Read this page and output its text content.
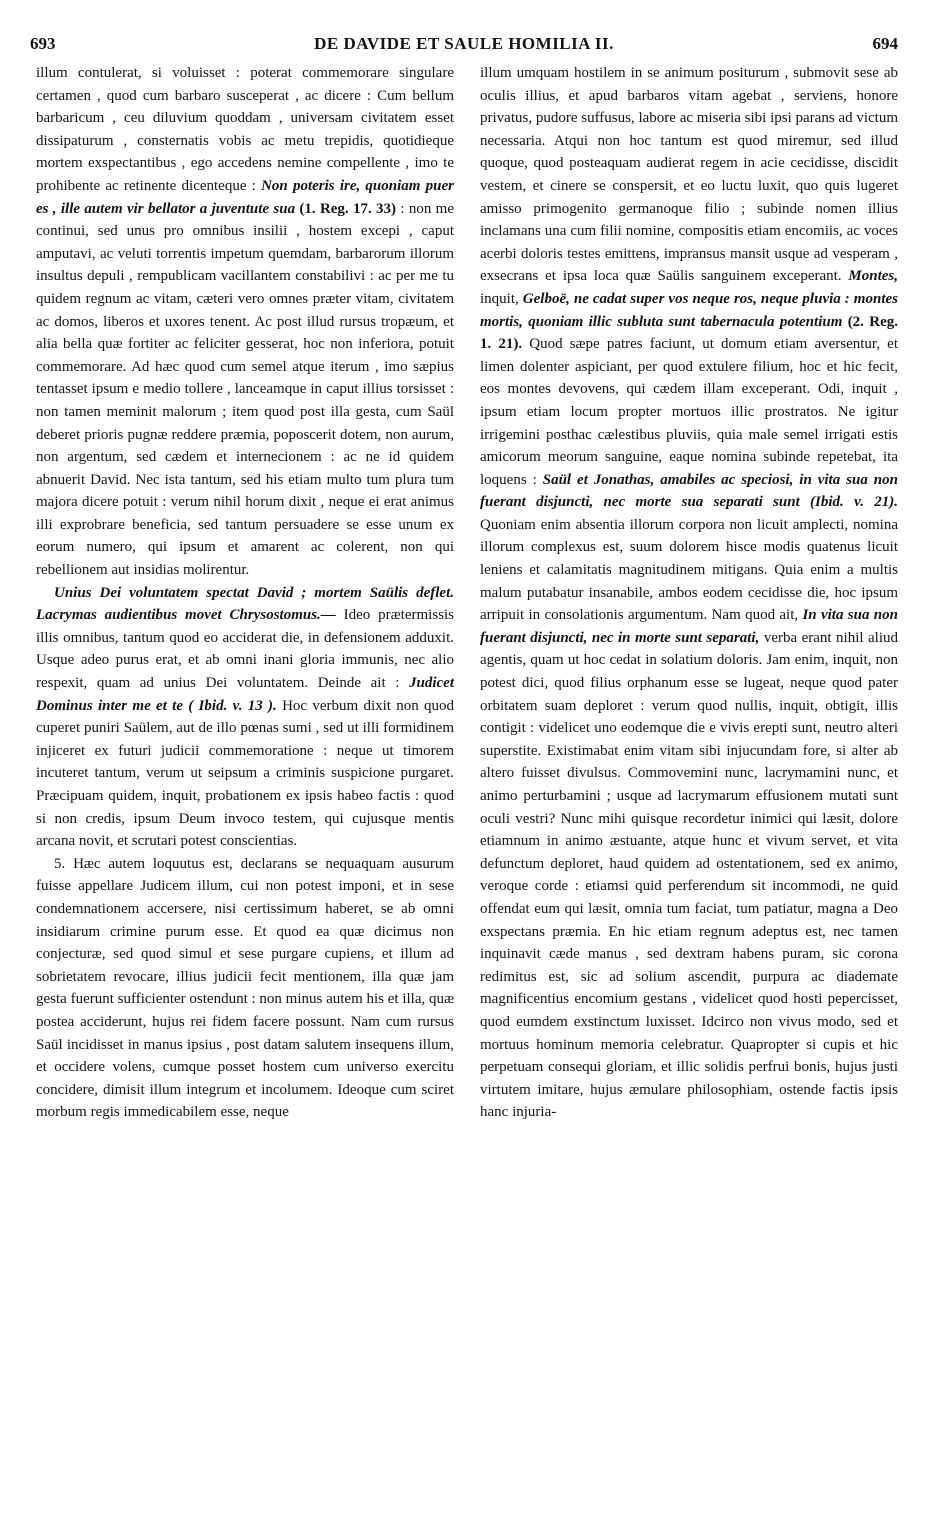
693	DE DAVIDE ET SAULE HOMILIA II.	694

illum contulerat, si voluisset : poterat commemorare singulare certamen , quod cum barbaro susceperat , ac dicere : Cum bellum barbaricum , ceu diluvium quoddam , universam civitatem esset dissipaturum , consternatis vobis ac metu trepidis, quotidieque mortem exspectantibus , ego accedens nemine compellente , imo te prohibente ac retinente dicenteque : Non poteris ire, quoniam puer es , ille autem vir bellator a juventute sua (1. Reg. 17. 33) : non me continui, sed unus pro omnibus insilii , hostem excepi , caput amputavi, ac veluti torrentis impetum quemdam, barbarorum illorum insultus depuli , rempublicam vacillantem constabilivi : ac per me tu quidem regnum ac vitam, cæteri vero omnes præter vitam, civitatem ac domos, liberos et uxores tenent. Ac post illud rursus tropæum, et alia bella quæ fortiter ac feliciter gesserat, hoc non inferiora, potuit commemorare. Ad hæc quod cum semel atque iterum , imo sæpius tentasset ipsum e medio tollere , lanceamque in caput illius torsisset : non tamen meminit malorum ; item quod post illa gesta, cum Saül deberet prioris pugnæ reddere præmia, poposcerit dotem, non aurum, non argentum, sed cædem et internecionem : ac ne id quidem abnuerit David. Nec ista tantum, sed his etiam multo tum plura tum majora dicere potuit : verum nihil horum dixit , neque ei erat animus illi exprobrare beneficia, sed tantum persuadere se esse unum ex eorum numero, qui ipsum et amarent ac colerent, non qui rebellionem aut insidias molirentur.

Unius Dei voluntatem spectat David ; mortem Saülis deflet. Lacrymas audientibus movet Chrysostomus.— Ideo prætermissis illis omnibus, tantum quod eo acciderat die, in defensionem adduxit. Usque adeo purus erat, et ab omni inani gloria immunis, nec alio respexit, quam ad unius Dei voluntatem. Deinde ait : Judicet Dominus inter me et te ( Ibid. v. 13 ). Hoc verbum dixit non quod cuperet puniri Saülem, aut de illo pœnas sumi , sed ut illi formidinem injiceret ex futuri judicii commemoratione : neque ut timorem incuteret tantum, verum ut seipsum a criminis suspicione purgaret. Præcipuam quidem, inquit, probationem ex ipsis habeo factis : quod si non credis, ipsum Deum invoco testem, qui cujusque mentis arcana novit, et scrutari potest conscientias.

5. Hæc autem loquutus est, declarans se nequaquam ausurum fuisse appellare Judicem illum, cui non potest imponi, et in sese condemnationem accersere, nisi certissimum haberet, se ab omni insidiarum crimine purum esse. Et quod ea quæ dicimus non conjecturæ, sed quod simul et sese purgare cupiens, et illum ad sobrietatem revocare, illius judicii fecit mentionem, illa quæ jam gesta fuerunt sufficienter ostendunt : non minus autem his et illa, quæ postea acciderunt, hujus rei fidem facere possunt. Nam cum rursus Saül incidisset in manus ipsius , post datam salutem insequens illum, et occidere volens, cumque posset hostem cum universo exercitu concidere, dimisit illum integrum et incolumem. Ideoque cum sciret morbum regis immedicabilem esse, neque

illum umquam hostilem in se animum positurum , submovit sese ab oculis illius, et apud barbaros vitam agebat , serviens, honore privatus, pudore suffusus, labore ac miseria sibi ipsi parans ad victum necessaria. Atqui non hoc tantum est quod miremur, sed illud quoque, quod posteaquam audierat regem in acie cecidisse, discidit vestem, et cinere se conspersit, et eo luctu luxit, quo quis lugeret amisso primogenito germanoque filio ; subinde nomen illius inclamans una cum filii nomine, compositis etiam encomiis, ac voces acerbi doloris testes emittens, impransus mansit usque ad vesperam , exsecrans et ipsa loca quæ Saülis sanguinem exceperant. Montes, inquit, Gelboë, ne cadat super vos neque ros, neque pluvia : montes mortis, quoniam illic subluta sunt tabernacula potentium (2. Reg. 1. 21). Quod sæpe patres faciunt, ut domum etiam aversentur, et limen dolenter aspiciant, per quod extulere filium, hoc et hic fecit, eos montes devovens, qui cædem illam exceperant. Odi, inquit , ipsum etiam locum propter mortuos illic prostratos. Ne igitur irrigemini posthac cælestibus pluviis, quia male semel irrigati estis amicorum meorum sanguine, eaque nomina subinde repetebat, ita loquens : Saül et Jonathas, amabiles ac speciosi, in vita sua non fuerant disjuncti, nec morte sua separati sunt (Ibid. v. 21). Quoniam enim absentia illorum corpora non licuit amplecti, nomina illorum complexus est, suum dolorem hisce modis quatenus licuit leniens et calamitatis magnitudinem mitigans. Quia enim a multis malum putabatur insanabile, ambos eodem cecidisse die, hoc ipsum arripuit in consolationis argumentum. Nam quod ait, In vita sua non fuerant disjuncti, nec in morte sunt separati, verba erant nihil aliud agentis, quam ut hoc cedat in solatium doloris. Jam enim, inquit, non potest dici, quod filius orphanum esse se lugeat, neque quod pater orbitatem suam deploret : verum quod nullis, inquit, obtigit, illis contigit : videlicet uno eodemque die e vivis erepti sunt, neutro alteri superstite. Existimabat enim vitam sibi injucundam fore, si alter ab altero fuisset divulsus. Commovemini nunc, lacrymamini nunc, et animo perturbamini ; usque ad lacrymarum effusionem mutati sunt oculi vestri? Nunc mihi quisque recordetur inimici qui læsit, dolore etiamnum in animo æstuante, atque hunc et vivum servet, et vita defunctum deploret, haud quidem ad ostentationem, sed ex animo, veroque corde : etiamsi quid perferendum sit incommodi, ne quid offendat eum qui læsit, omnia tum faciat, tum patiatur, magna a Deo exspectans præmia. En hic etiam regnum adeptus est, nec tamen inquinavit cæde manus , sed dextram habens puram, sic corona redimitus est, sic ad solium ascendit, purpura ac diademate magnificentius encomium gestans , videlicet quod hosti pepercisset, quod eumdem exstinctum luxisset. Idcirco non vivus modo, sed et mortuus hominum memoria celebratur. Quapropter si cupis et hic perpetuam consequi gloriam, et illic solidis perfrui bonis, hujus justi virtutem imitare, hujus æmulare philosophiam, ostende factis ipsis hanc injuria-
